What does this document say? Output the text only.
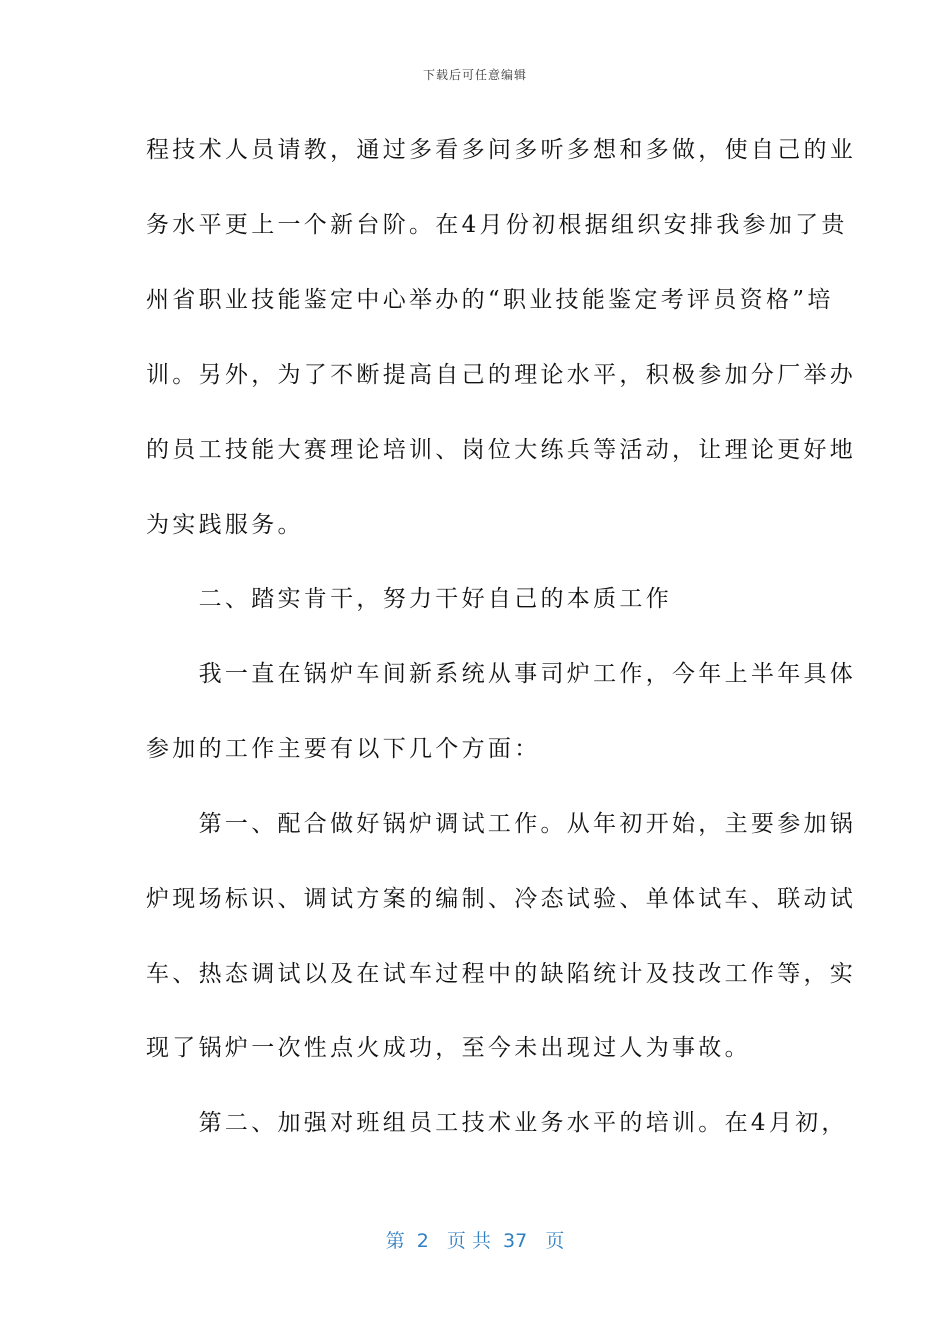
下载后可任意编辑
程技术人员请教，通过多看多问多听多想和多做，使自己的业
务水平更上一个新台阶。在4月份初根据组织安排我参加了贵
州省职业技能鉴定中心举办的“职业技能鉴定考评员资格”培
训。另外，为了不断提高自己的理论水平，积极参加分厂举办
的员工技能大赛理论培训、岗位大练兵等活动，让理论更好地
为实践服务。
　　二、踏实肯干，努力干好自己的本质工作
　　我一直在锅炉车间新系统从事司炉工作，今年上半年具体
参加的工作主要有以下几个方面：
　　第一、配合做好锅炉调试工作。从年初开始，主要参加锅
炉现场标识、调试方案的编制、冷态试验、单体试车、联动试
车、热态调试以及在试车过程中的缺陷统计及技改工作等，实
现了锅炉一次性点火成功，至今未出现过人为事故。
　　第二、加强对班组员工技术业务水平的培训。在4月初，
第  2   页 共  37   页
